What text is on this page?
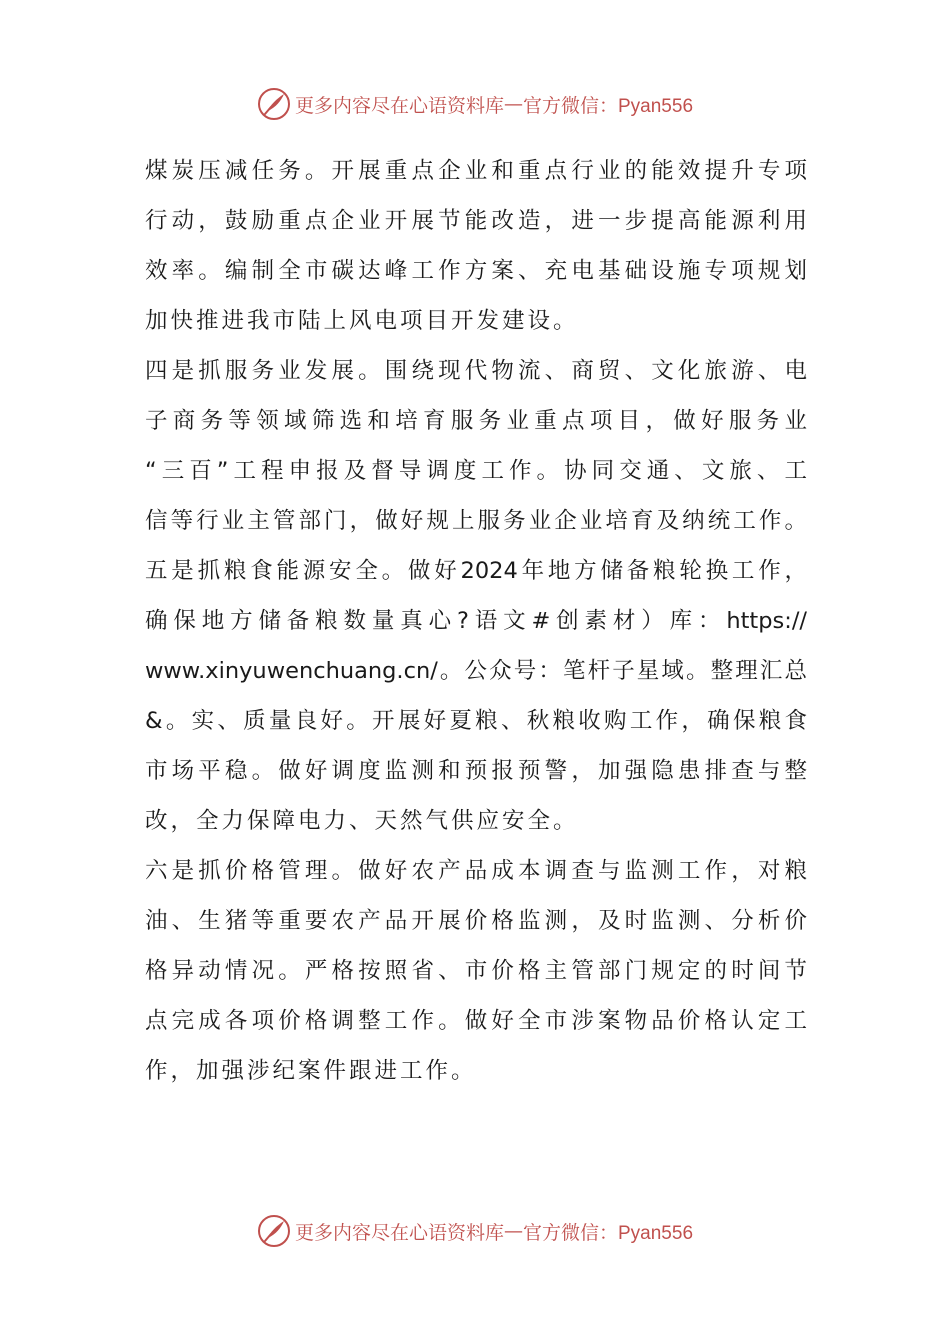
更多内容尽在心语资料库 — 官方微信：Pyan556
煤炭压减任务。开展重点企业和重点行业的能效提升专项
行动，鼓励重点企业开展节能改造，进一步提高能源利用
效率。编制全市碳达峰工作方案、充电基础设施专项规划
加快推进我市陆上风电项目开发建设。
四是抓服务业发展。围绕现代物流、商贸、文化旅游、电
子商务等领域筛选和培育服务业重点项目，做好服务业
“三百”工程申报及督导调度工作。协同交通、文旅、工
信等行业主管部门，做好规上服务业企业培育及纳统工作。
五是抓粮食能源安全。做好2024年地方储备粮轮换工作，
确保地方储备粮数量真心?语文#创素材）库：https://
www.xinyuwenchuang.cn/。公众号：笔杆子星域。整理汇总
&。实、质量良好。开展好夏粮、秋粮收购工作，确保粮食
市场平稳。做好调度监测和预报预警，加强隐患排查与整
改，全力保障电力、天然气供应安全。
六是抓价格管理。做好农产品成本调查与监测工作，对粮
油、生猪等重要农产品开展价格监测，及时监测、分析价
格异动情况。严格按照省、市价格主管部门规定的时间节
点完成各项价格调整工作。做好全市涉案物品价格认定工
作，加强涉纪案件跟进工作。
更多内容尽在心语资料库 — 官方微信：Pyan556
